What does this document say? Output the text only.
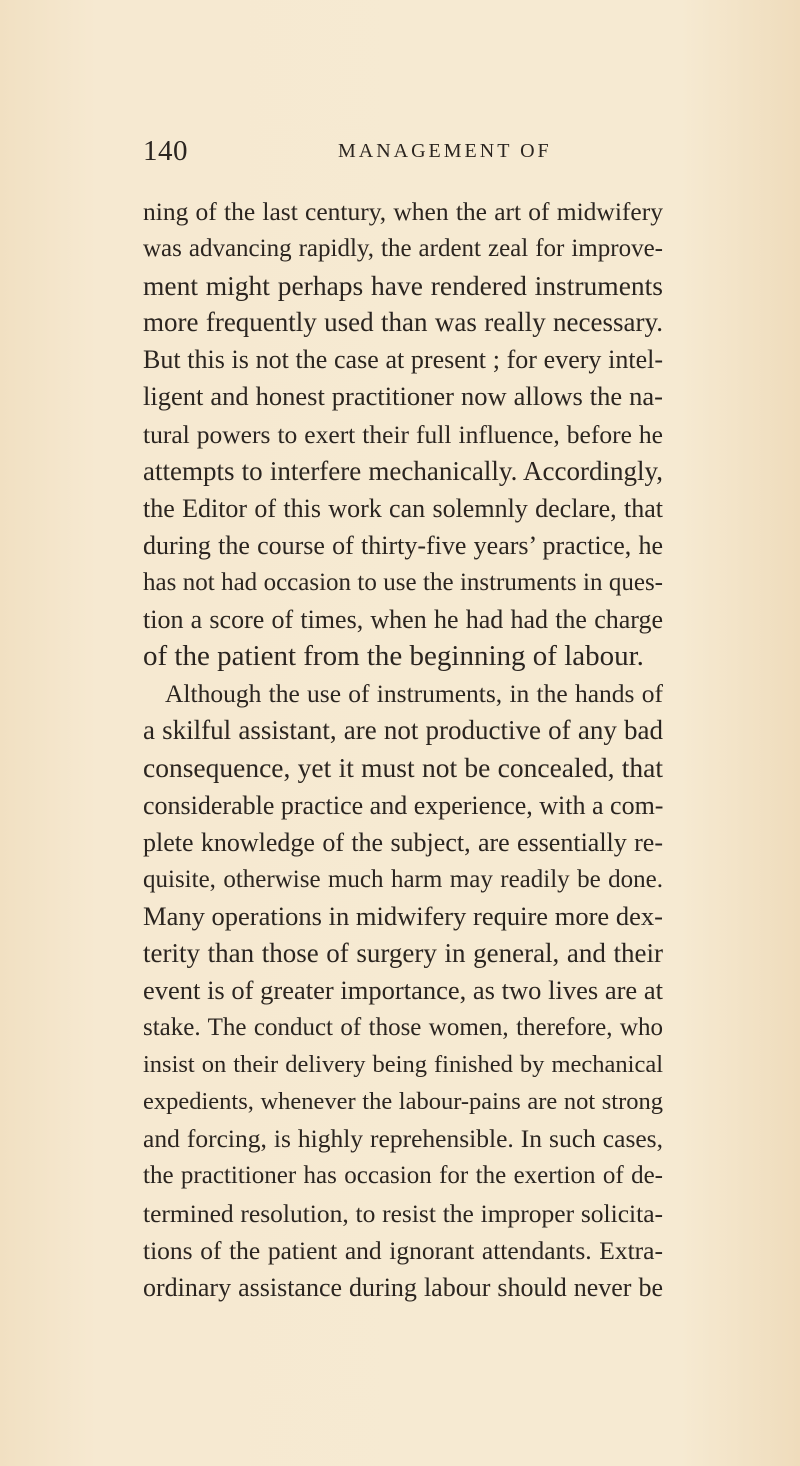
140	MANAGEMENT OF
ning of the last century, when the art of midwifery
was advancing rapidly, the ardent zeal for improve-
ment might perhaps have rendered instruments
more frequently used than was really necessary.
But this is not the case at present ; for every intel-
ligent and honest practitioner now allows the na-
tural powers to exert their full influence, before he
attempts to interfere mechanically. Accordingly,
the Editor of this work can solemnly declare, that
during the course of thirty-five years’ practice, he
has not had occasion to use the instruments in ques-
tion a score of times, when he had had the charge
of the patient from the beginning of labour.
Although the use of instruments, in the hands of
a skilful assistant, are not productive of any bad
consequence, yet it must not be concealed, that
considerable practice and experience, with a com-
plete knowledge of the subject, are essentially re-
quisite, otherwise much harm may readily be done.
Many operations in midwifery require more dex-
terity than those of surgery in general, and their
event is of greater importance, as two lives are at
stake. The conduct of those women, therefore, who
insist on their delivery being finished by mechanical
expedients, whenever the labour-pains are not strong
and forcing, is highly reprehensible. In such cases,
the practitioner has occasion for the exertion of de-
termined resolution, to resist the improper solicita-
tions of the patient and ignorant attendants. Extra-
ordinary assistance during labour should never be
